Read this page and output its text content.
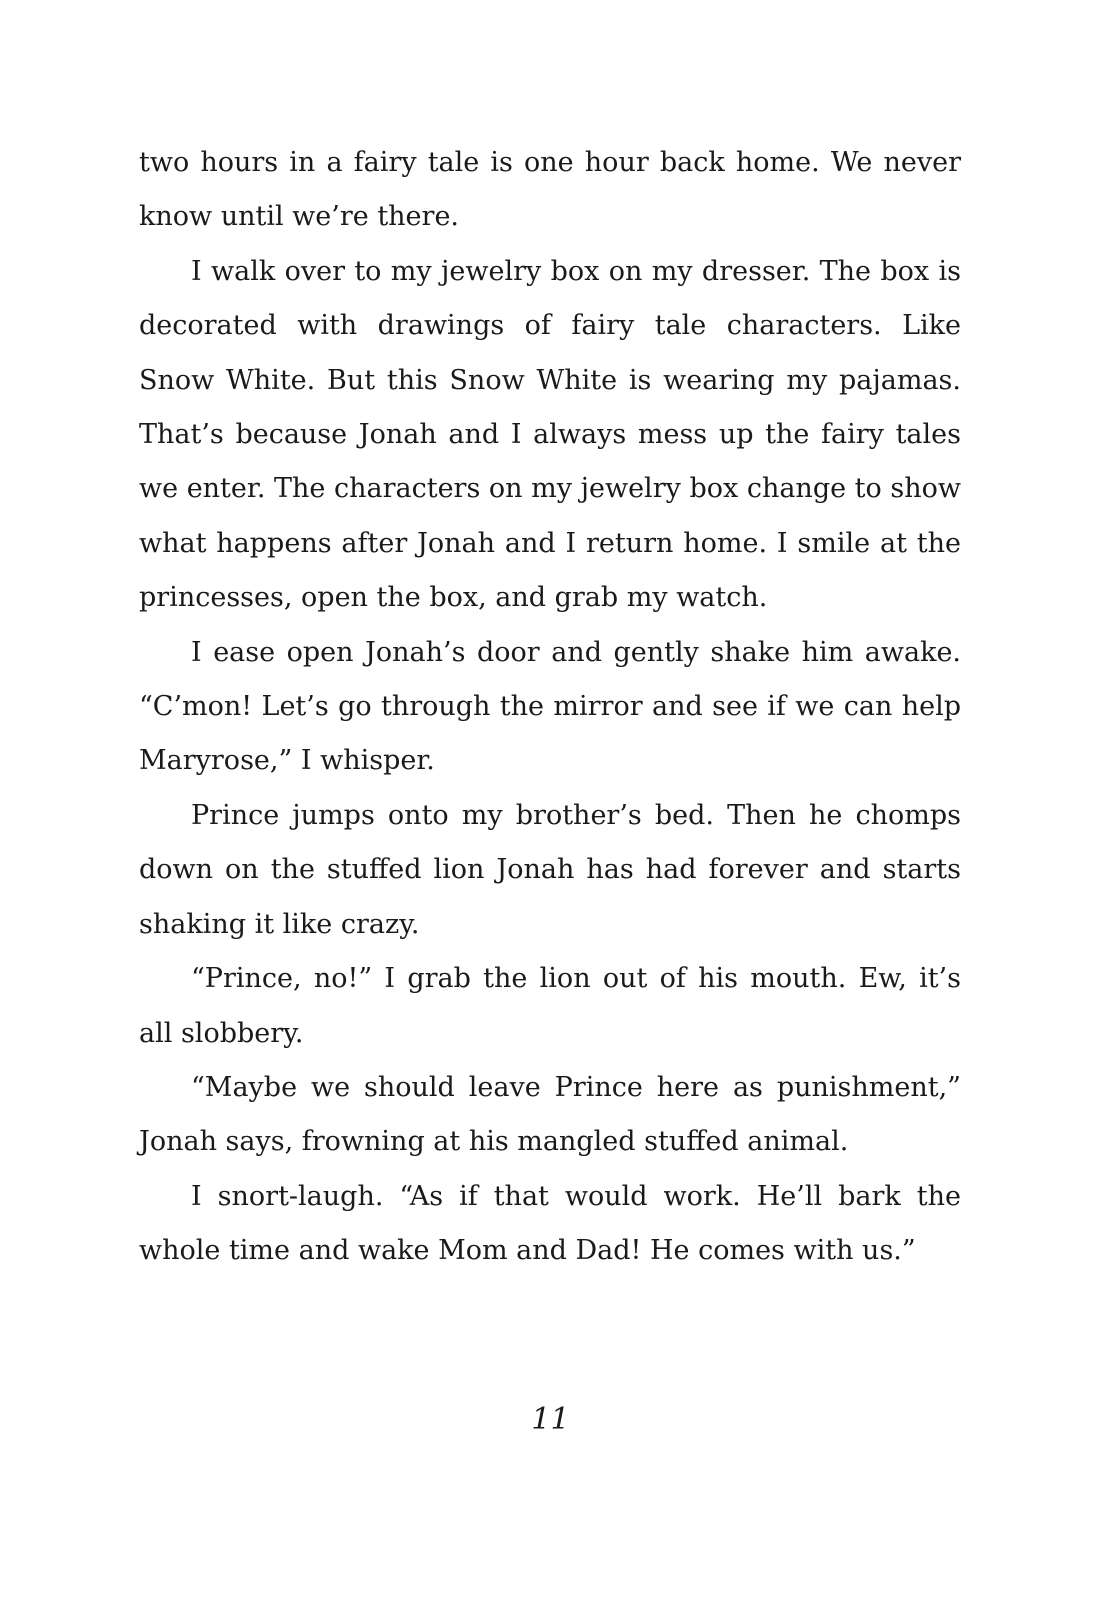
two hours in a fairy tale is one hour back home. We never know until we’re there.

I walk over to my jewelry box on my dresser. The box is decorated with drawings of fairy tale characters. Like Snow White. But this Snow White is wearing my pajamas. That’s because Jonah and I always mess up the fairy tales we enter. The characters on my jewelry box change to show what happens after Jonah and I return home. I smile at the princesses, open the box, and grab my watch.

I ease open Jonah’s door and gently shake him awake. “C’mon! Let’s go through the mirror and see if we can help Maryrose,” I whisper.

Prince jumps onto my brother’s bed. Then he chomps down on the stuffed lion Jonah has had forever and starts shaking it like crazy.

“Prince, no!” I grab the lion out of his mouth. Ew, it’s all slobbery.

“Maybe we should leave Prince here as punishment,” Jonah says, frowning at his mangled stuffed animal.

I snort-laugh. “As if that would work. He’ll bark the whole time and wake Mom and Dad! He comes with us.”

11
